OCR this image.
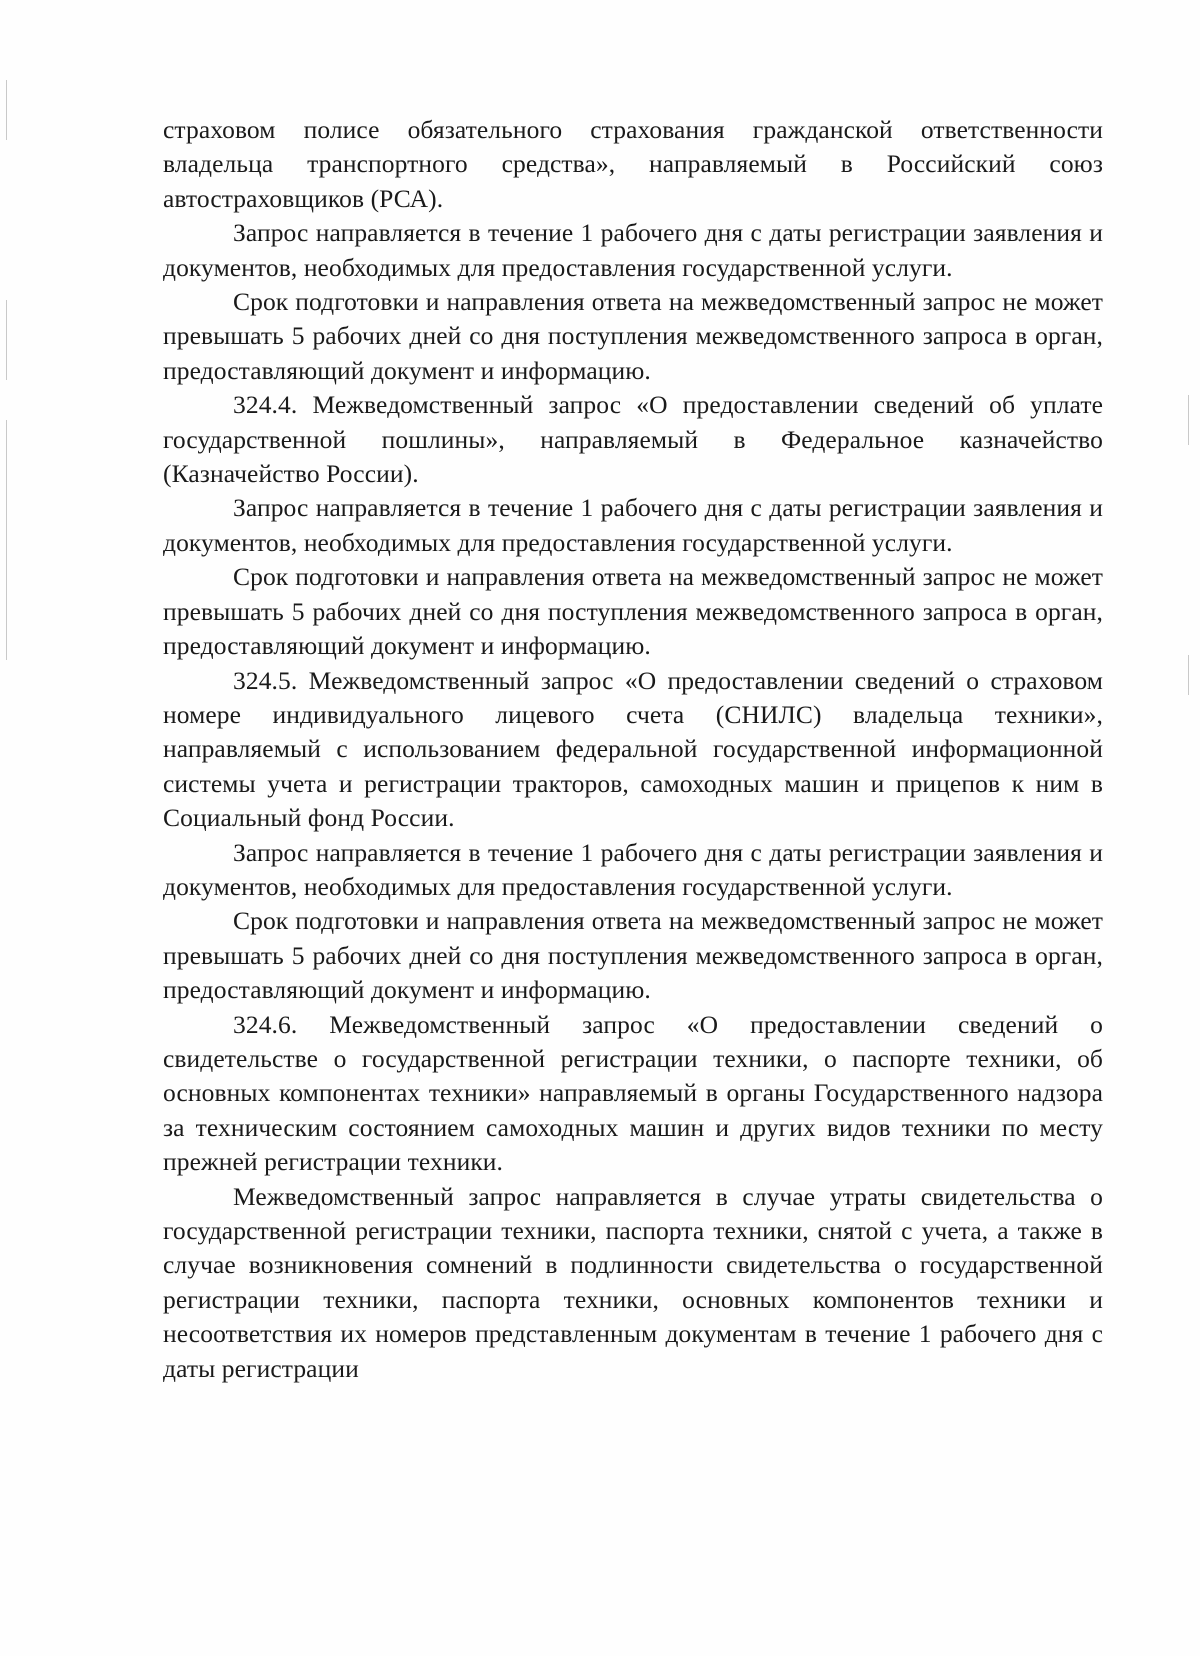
страховом полисе обязательного страхования гражданской ответственности владельца транспортного средства», направляемый в Российский союз автостраховщиков (РСА).

Запрос направляется в течение 1 рабочего дня с даты регистрации заявления и документов, необходимых для предоставления государственной услуги.

Срок подготовки и направления ответа на межведомственный запрос не может превышать 5 рабочих дней со дня поступления межведомственного запроса в орган, предоставляющий документ и информацию.

324.4. Межведомственный запрос «О предоставлении сведений об уплате государственной пошлины», направляемый в Федеральное казначейство (Казначейство России).

Запрос направляется в течение 1 рабочего дня с даты регистрации заявления и документов, необходимых для предоставления государственной услуги.

Срок подготовки и направления ответа на межведомственный запрос не может превышать 5 рабочих дней со дня поступления межведомственного запроса в орган, предоставляющий документ и информацию.

324.5. Межведомственный запрос «О предоставлении сведений о страховом номере индивидуального лицевого счета (СНИЛС) владельца техники», направляемый с использованием федеральной государственной информационной системы учета и регистрации тракторов, самоходных машин и прицепов к ним в Социальный фонд России.

Запрос направляется в течение 1 рабочего дня с даты регистрации заявления и документов, необходимых для предоставления государственной услуги.

Срок подготовки и направления ответа на межведомственный запрос не может превышать 5 рабочих дней со дня поступления межведомственного запроса в орган, предоставляющий документ и информацию.

324.6. Межведомственный запрос «О предоставлении сведений о свидетельстве о государственной регистрации техники, о паспорте техники, об основных компонентах техники» направляемый в органы Государственного надзора за техническим состоянием самоходных машин и других видов техники по месту прежней регистрации техники.

Межведомственный запрос направляется в случае утраты свидетельства о государственной регистрации техники, паспорта техники, снятой с учета, а также в случае возникновения сомнений в подлинности свидетельства о государственной регистрации техники, паспорта техники, основных компонентов техники и несоответствия их номеров представленным документам в течение 1 рабочего дня с даты регистрации
